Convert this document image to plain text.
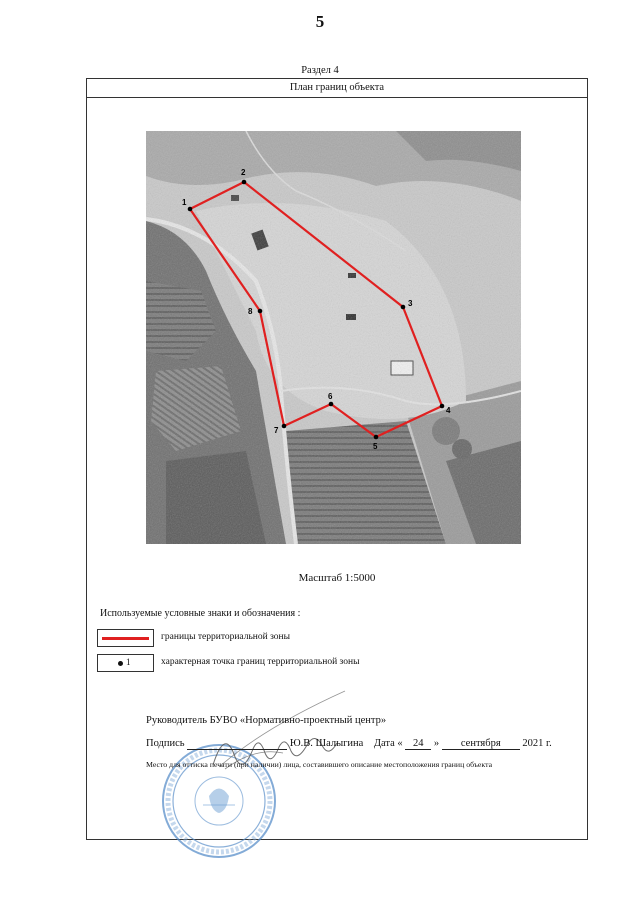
5
Раздел 4
План границ объекта
1
2
3
4
5
6
7
8
Масштаб 1:5000
Используемые условные знаки и обозначения :
границы территориальной зоны
1	характерная точка границ территориальной зоны
Руководитель БУВО «Нормативно-проектный центр»
Подпись	Ю.В. Шалыгина Дата « 24 » сентября 2021 г.
Место для оттиска печати (при наличии) лица, составившего описание местоположения границ объекта
